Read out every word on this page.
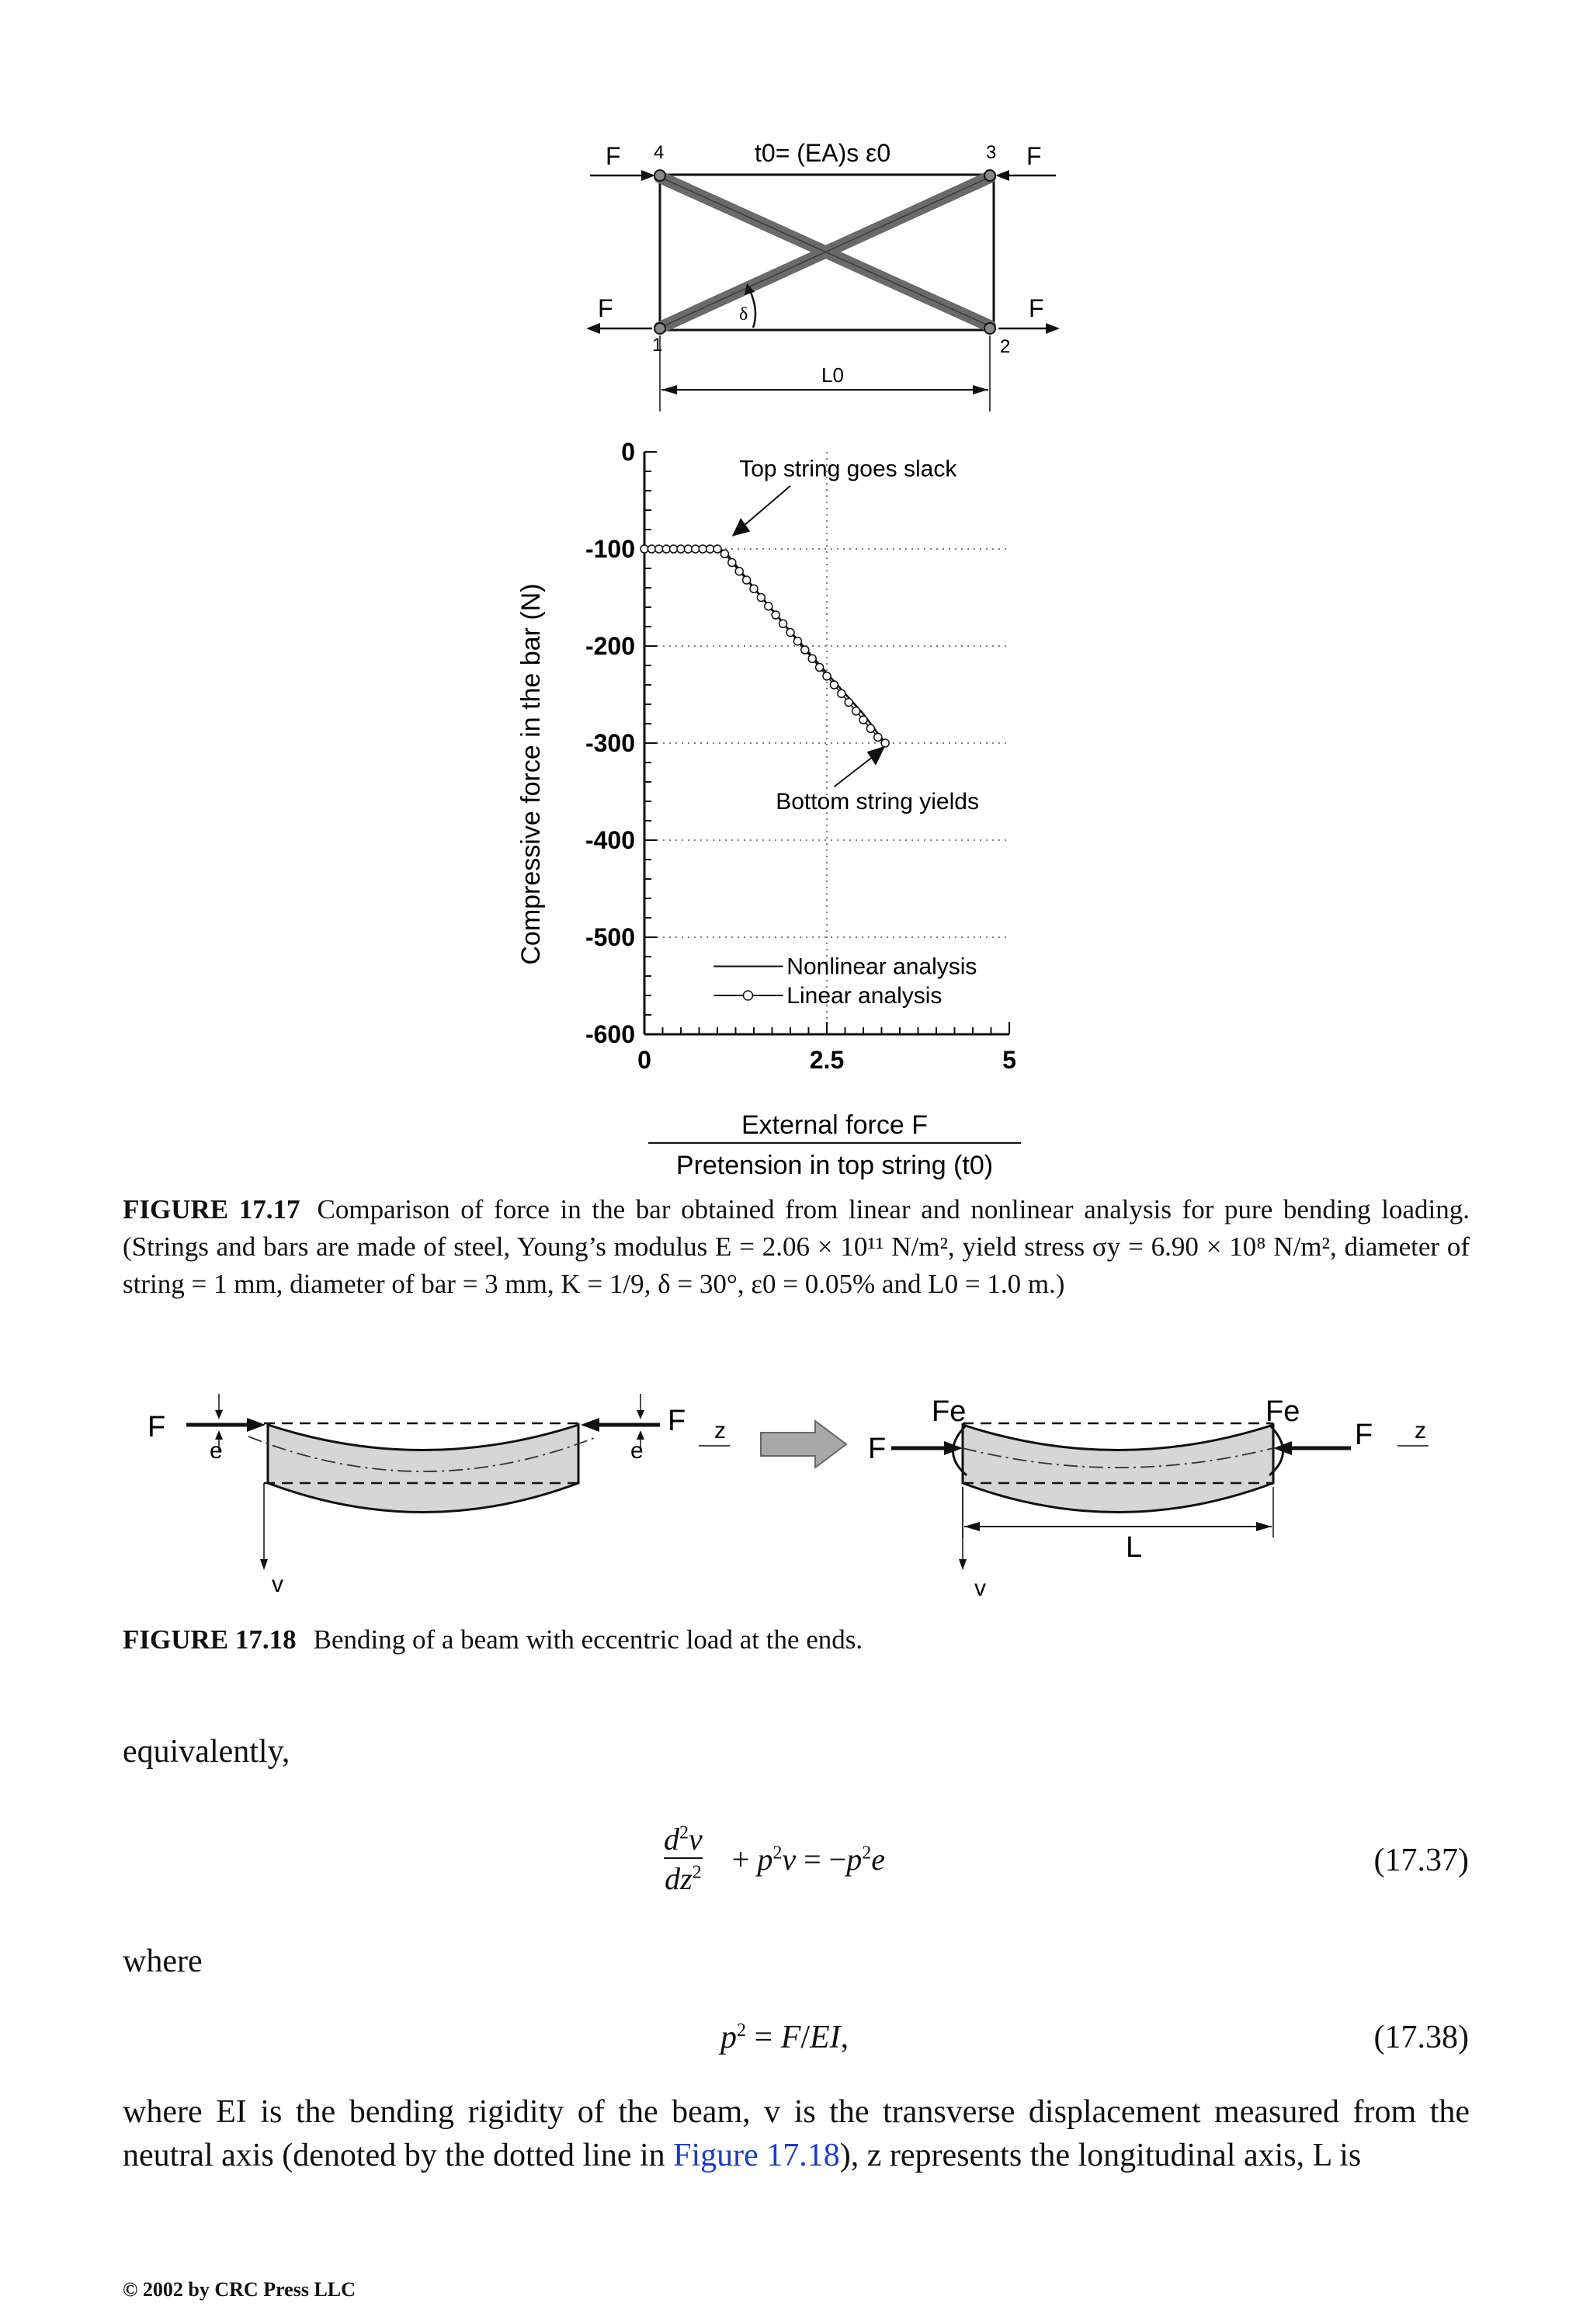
F 4	3 F
t0= (EA)s ε0
F
1	2
F
δ
L0
0
-100
-200
-300
-400
-500
-600
0	2.5	5
Compressive force in the bar (N)
External force F
Pretension in top string (t0)
Top string goes slack
Bottom string yields
Nonlinear analysis
Linear analysis
FIGURE 17.17 Comparison of force in the bar obtained from linear and nonlinear analysis for pure bending loading. (Strings and bars are made of steel, Young’s modulus E = 2.06 × 10¹¹ N/m², yield stress σy = 6.90 × 10⁸ N/m², diameter of string = 1 mm, diameter of bar = 3 mm, K = 1/9, δ = 30°, ε0 = 0.05% and L0 = 1.0 m.)
F
e
F
e
z
v
F
Fe	Fe
F z
L
v
FIGURE 17.18 Bending of a beam with eccentric load at the ends.
equivalently,
$\frac{d^2v}{dz^2} + p^2v = -p^2e$	(17.37)
where
$p^2 = F/EI$,	(17.38)
where EI is the bending rigidity of the beam, v is the transverse displacement measured from the neutral axis (denoted by the dotted line in Figure 17.18), z represents the longitudinal axis, L is
© 2002 by CRC Press LLC
